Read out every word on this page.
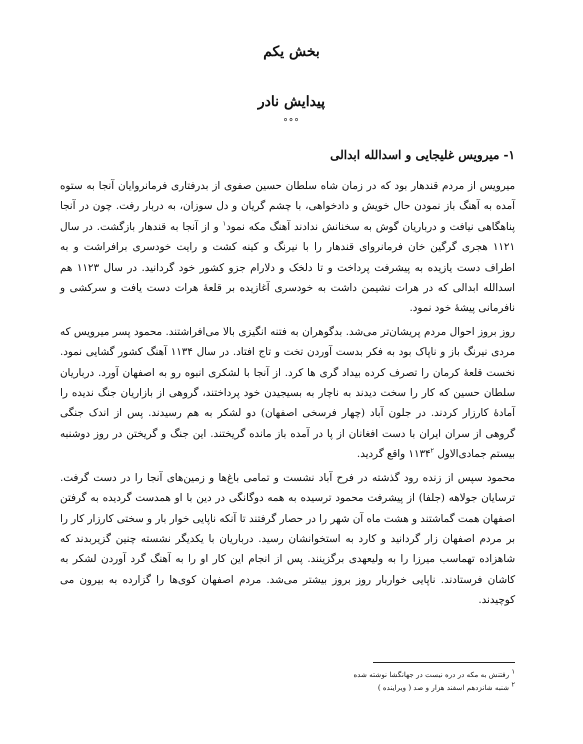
بخش یکم
پیدایش نادر
°°°
۱- میرویس غلیجایی و اسدالله ابدالی

میرویس از مردم قندهار بود که در زمان شاه سلطان حسین صفوی از بدرفتاری فرمانروایان آنجا به ستوه آمده به آهنگ باز نمودن حال خویش و دادخواهی، با چشم گریان و دل سوزان، به دربار رفت. چون در آنجا پناهگاهی نیافت و درباریان گوش به سخنانش ندادند آهنگ مکه نمود$^۱$ و از آنجا به قندهار بازگشت. در سال ۱۱۲۱ هجری گرگین خان فرمانروای قندهار را با نیرنگ و کینه کشت و رایت خودسری برافراشت و به اطراف دست یازیده به پیشرفت پرداخت و تا دلخک و دلارام جزو کشور خود گردانید. در سال ۱۱۲۳ هم اسدالله ابدالی که در هرات نشیمن داشت به خودسری آغازیده بر قلعهٔ هرات دست یافت و سرکشی و نافرمانی پیشهٔ خود نمود.

روز بروز احوال مردم پریشان‌تر می‌شد. بدگوهران به فتنه انگیزی بالا می‌افراشتند. محمود پسر میرویس که مردی نیرنگ باز و ناپاک بود به فکر بدست آوردن تخت و تاج افتاد. در سال ۱۱۳۴ آهنگ کشور گشایی نمود. نخست قلعهٔ کرمان را تصرف کرده بیداد گری ها کرد. از آنجا با لشکری انبوه رو به اصفهان آورد. درباریان سلطان حسین که کار را سخت دیدند به ناچار به بسیجیدن خود پرداختند، گروهی از بازاریان جنگ ندیده را آمادهٔ کارزار کردند. در جلون آباد (چهار فرسخی اصفهان) دو لشکر به هم رسیدند. پس از اندک جنگی گروهی از سران ایران با دست افغانان از پا در آمده باز مانده گریختند. این جنگ و گریختن در روز دوشنبه بیستم جمادی‌الاول ۱۱۳۴$^۲$ واقع گردید.

محمود سپس از زنده رود گذشته در فرح آباد نشست و تمامی باغ‌ها و زمین‌های آنجا را در دست گرفت. ترسایان جولاهه (جلفا) از پیشرفت محمود ترسیده به همه دوگانگی در دین با او همدست گردیده به گرفتن اصفهان همت گماشتند و هشت ماه آن شهر را در حصار گرفتند تا آنکه ناپایی خوار بار و سختی کارزار کار را بر مردم اصفهان زار گردانید و کارد به استخوانشان رسید. درباریان با یکدیگر نشسته چنین گزیربدند که شاهزاده تهماسب میرزا را به ولیعهدی برگزینند. پس از انجام این کار او را به آهنگ گرد آوردن لشکر به کاشان فرستادند. ناپایی خواربار روز بروز بیشتر می‌شد. مردم اصفهان کوی‌ها را گزارده به بیرون می کوچیدند.

$^۱$ رفتنش به مکه در دره نیست در جهانگشا نوشته شده
$^۲$ شنبه شانزدهم اسفند هزار و صد ( ویراینده )
